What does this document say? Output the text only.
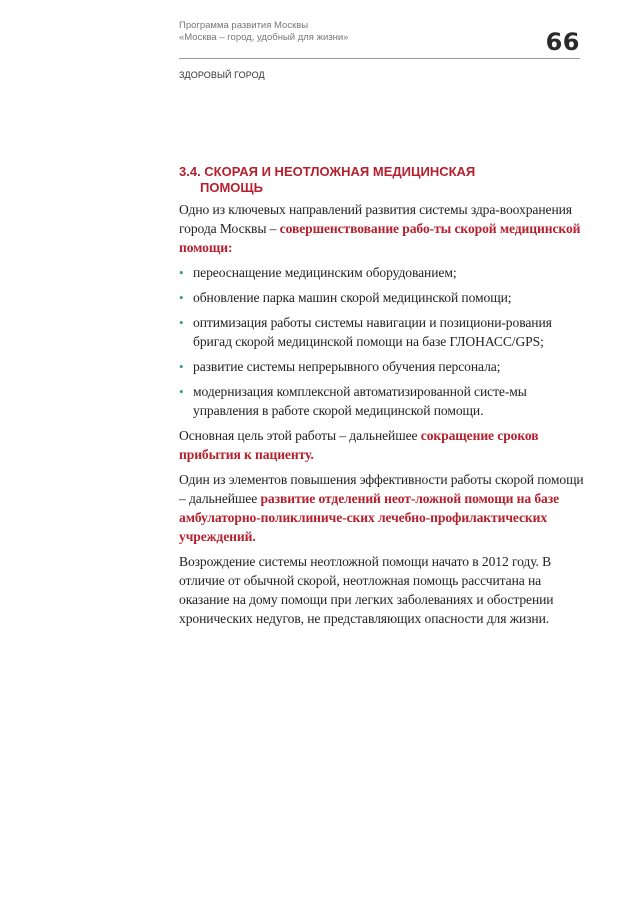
Программа развития Москвы
«Москва – город, удобный для жизни»	66
ЗДОРОВЫЙ ГОРОД
3.4. СКОРАЯ И НЕОТЛОЖНАЯ МЕДИЦИНСКАЯ
ПОМОЩЬ
Одно из ключевых направлений развития системы здра-воохранения города Москвы – совершенствование рабо-ты скорой медицинской помощи:
• переоснащение медицинским оборудованием;
• обновление парка машин скорой медицинской помощи;
• оптимизация работы системы навигации и позициони-рования бригад скорой медицинской помощи на базе ГЛОНАСС/GPS;
• развитие системы непрерывного обучения персонала;
• модернизация комплексной автоматизированной систе-мы управления в работе скорой медицинской помощи.
Основная цель этой работы – дальнейшее сокращение сроков прибытия к пациенту.
Один из элементов повышения эффективности работы скорой помощи – дальнейшее развитие отделений неот-ложной помощи на базе амбулаторно-поликлиниче-ских лечебно-профилактических учреждений.
Возрождение системы неотложной помощи начато в 2012 году. В отличие от обычной скорой, неотложная помощь рассчитана на оказание на дому помощи при легких заболеваниях и обострении хронических недугов, не представляющих опасности для жизни.
